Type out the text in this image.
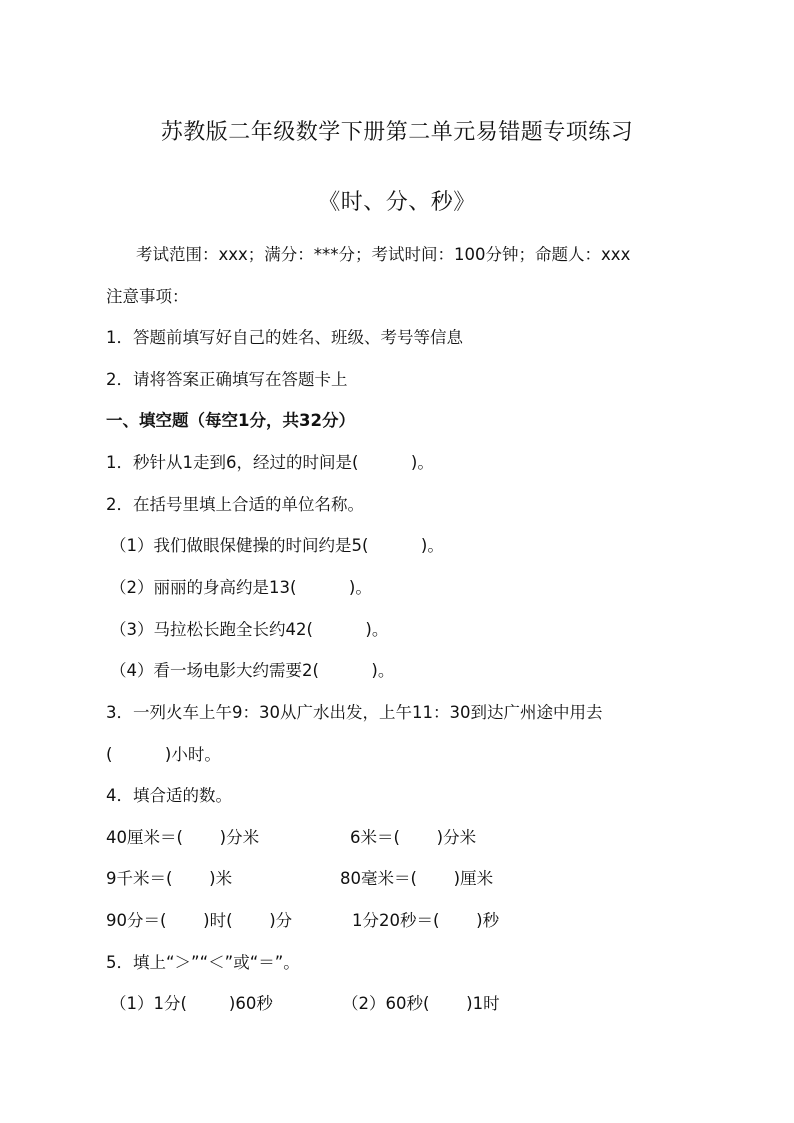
苏教版二年级数学下册第二单元易错题专项练习
《时、分、秒》
考试范围：xxx；满分：***分；考试时间：100分钟；命题人：xxx
注意事项：
1．答题前填写好自己的姓名、班级、考号等信息
2．请将答案正确填写在答题卡上
一、填空题（每空1分，共32分）
1．秒针从1走到6，经过的时间是(          )。
2．在括号里填上合适的单位名称。
（1）我们做眼保健操的时间约是5(          )。
（2）丽丽的身高约是13(          )。
（3）马拉松长跑全长约42(          )。
（4）看一场电影大约需要2(          )。
3．一列火车上午9：30从广水出发，上午11：30到达广州途中用去
(          )小时。
4．填合适的数。
40厘米＝(       )分米	6米＝(       )分米
9千米＝(       )米	80毫米＝(       )厘米
90分＝(       )时(       )分	1分20秒＝(       )秒
5．填上“＞”“＜”或“＝”。
（1）1分(        )60秒	（2）60秒(       )1时
